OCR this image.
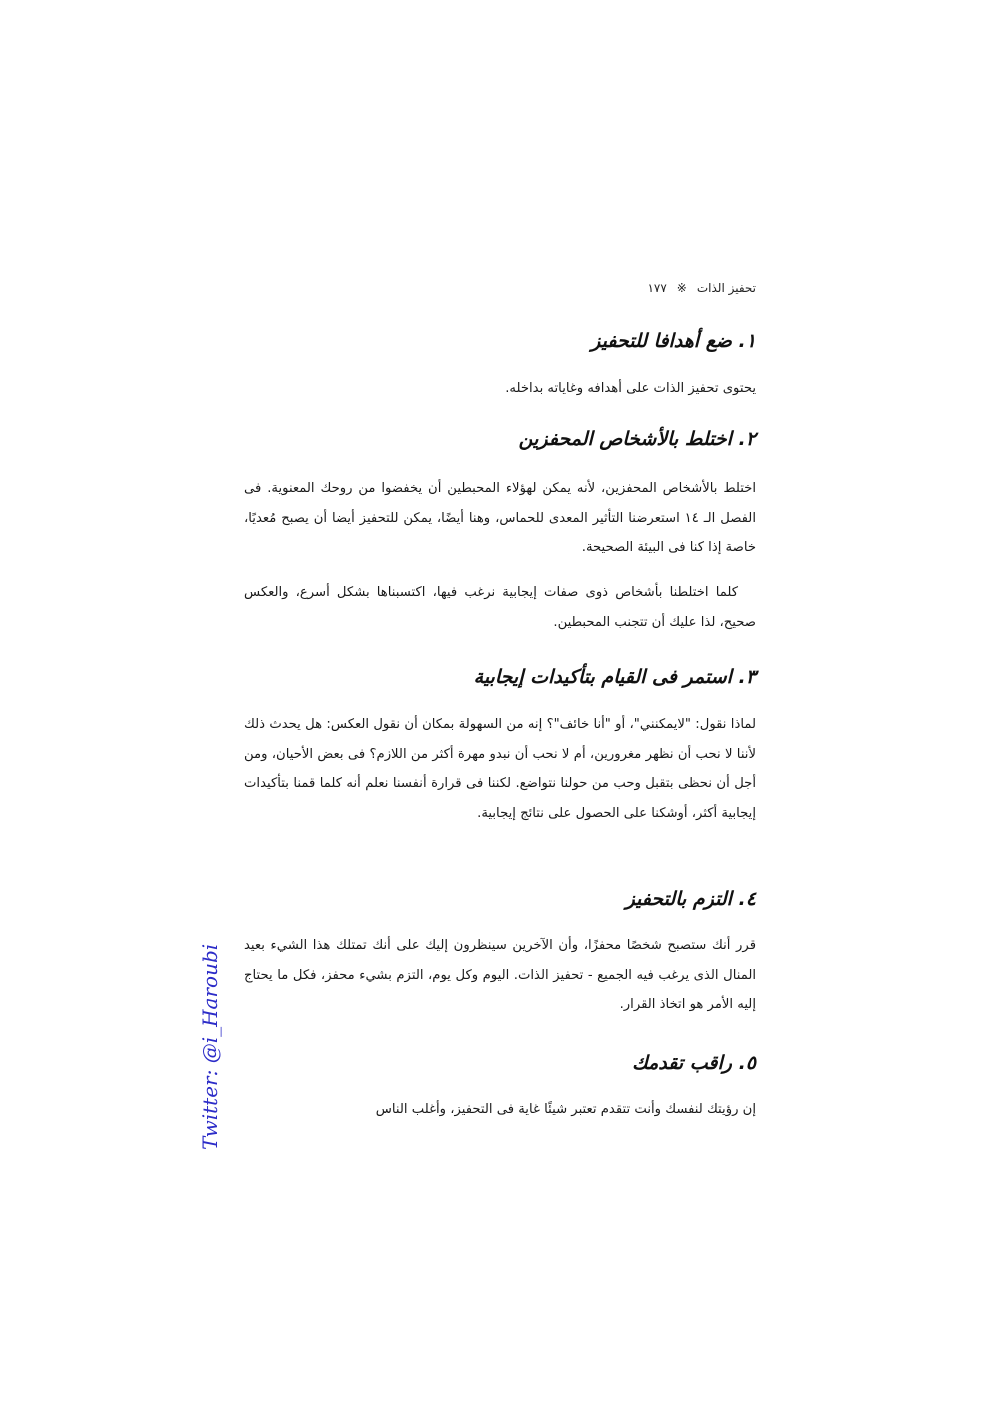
تحفيز الذات
※
١٧٧
١. ضع أهدافا للتحفيز
يحتوى تحفيز الذات على أهدافه وغاياته بداخله.
٢. اختلط بالأشخاص المحفزين
اختلط بالأشخاص المحفزين، لأنه يمكن لهؤلاء المحبطين أن يخفضوا من روحك المعنوية. فى الفصل الـ ١٤ استعرضنا التأثير المعدى للحماس، وهنا أيضًا، يمكن للتحفيز أيضا أن يصبح مُعديًا، خاصة إذا كنا فى البيئة الصحيحة.
كلما اختلطنا بأشخاص ذوى صفات إيجابية نرغب فيها، اكتسبناها بشكل أسرع، والعكس صحيح، لذا عليك أن تتجنب المحبطين.
٣. استمر فى القيام بتأكيدات إيجابية
لماذا نقول: "لايمكنني"، أو "أنا خائف"؟ إنه من السهولة بمكان أن نقول العكس: هل يحدث ذلك لأننا لا نحب أن نظهر مغرورين، أم لا نحب أن نبدو مهرة أكثر من اللازم؟ فى بعض الأحيان، ومن أجل أن نحظى بتقبل وحب من حولنا نتواضع. لكننا فى قرارة أنفسنا نعلم أنه كلما قمنا بتأكيدات إيجابية أكثر، أوشكنا على الحصول على نتائج إيجابية.
٤. التزم بالتحفيز
قرر أنك ستصبح شخصًا محفزًا، وأن الآخرين سينظرون إليك على أنك تمتلك هذا الشيء بعيد المنال الذى يرغب فيه الجميع - تحفيز الذات. اليوم وكل يوم، التزم بشيء محفز، فكل ما يحتاج إليه الأمر هو اتخاذ القرار.
٥. راقب تقدمك
إن رؤيتك لنفسك وأنت تتقدم تعتبر شيئًا غاية فى التحفيز، وأغلب الناس
Twitter: @i_Haroubi
